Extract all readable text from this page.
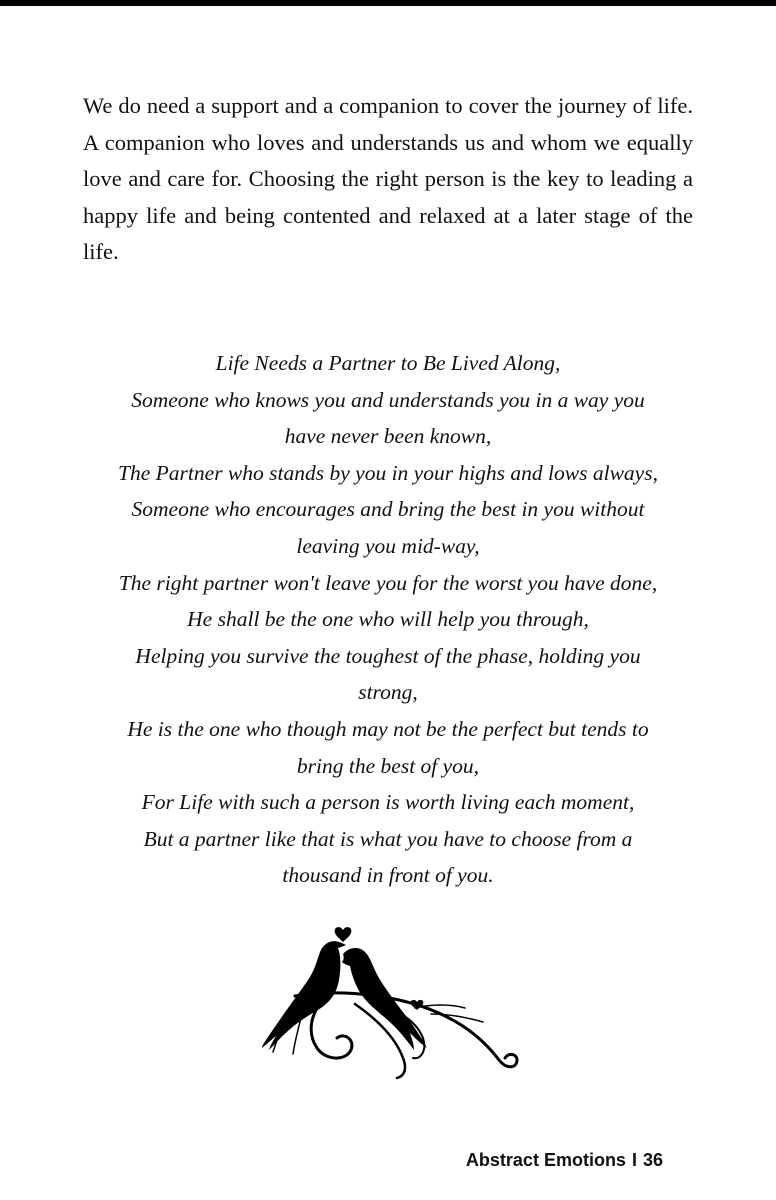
We do need a support and a companion to cover the journey of life. A companion who loves and understands us and whom we equally love and care for. Choosing the right person is the key to leading a happy life and being contented and relaxed at a later stage of the life.

Life Needs a Partner to Be Lived Along,
Someone who knows you and understands you in a way you
have never been known,
The Partner who stands by you in your highs and lows always,
Someone who encourages and bring the best in you without
leaving you mid-way,
The right partner won't leave you for the worst you have done,
He shall be the one who will help you through,
Helping you survive the toughest of the phase, holding you
strong,
He is the one who though may not be the perfect but tends to
bring the best of you,
For Life with such a person is worth living each moment,
But a partner like that is what you have to choose from a
thousand in front of you.
Abstract Emotions I 36
